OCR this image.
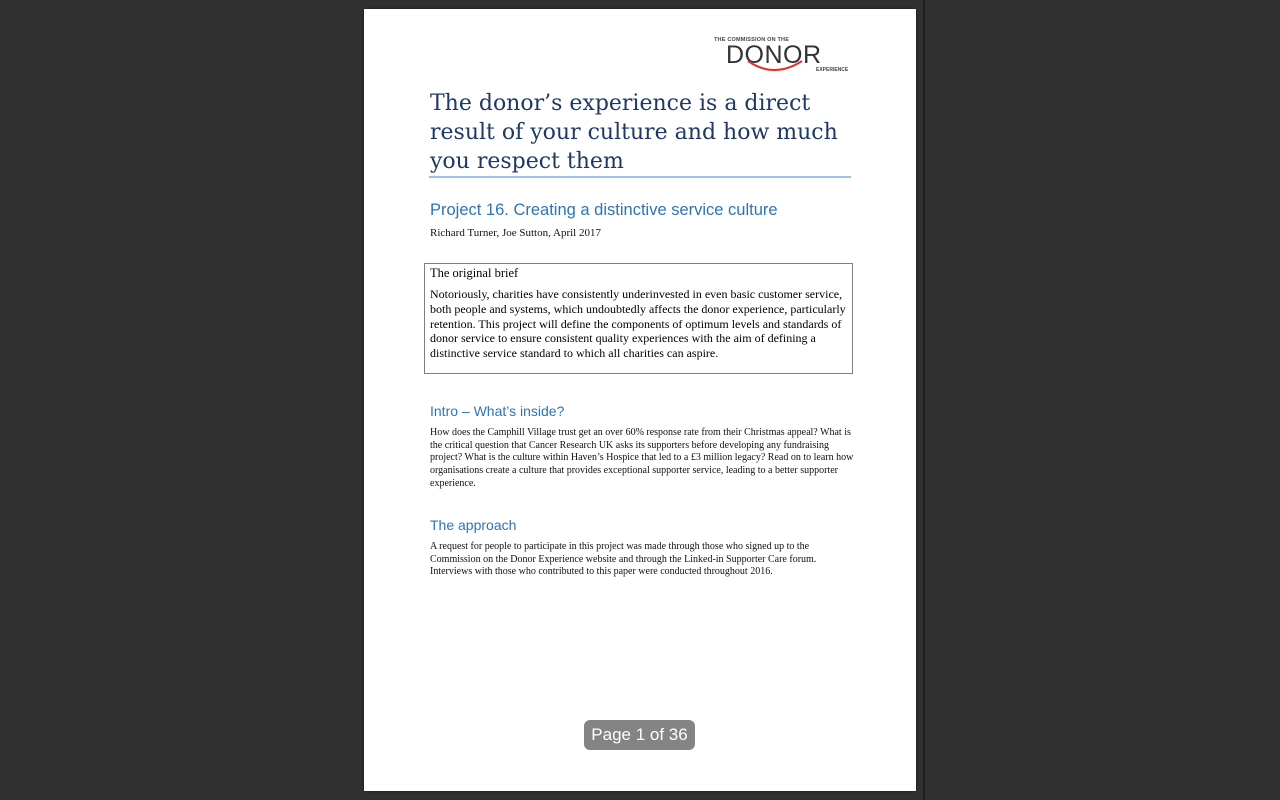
THE COMMISSION ON THE
DONOR
EXPERIENCE
The donor’s experience is a direct result of your culture and how much you respect them
Project 16. Creating a distinctive service culture
Richard Turner, Joe Sutton, April 2017

The original brief

Notoriously, charities have consistently underinvested in even basic customer service, both people and systems, which undoubtedly affects the donor experience, particularly retention. This project will define the components of optimum levels and standards of donor service to ensure consistent quality experiences with the aim of defining a distinctive service standard to which all charities can aspire.

Intro – What’s inside?

How does the Camphill Village trust get an over 60% response rate from their Christmas appeal? What is the critical question that Cancer Research UK asks its supporters before developing any fundraising project? What is the culture within Haven’s Hospice that led to a £3 million legacy? Read on to learn how organisations create a culture that provides exceptional supporter service, leading to a better supporter experience.

The approach

A request for people to participate in this project was made through those who signed up to the Commission on the Donor Experience website and through the Linked-in Supporter Care forum. Interviews with those who contributed to this paper were conducted throughout 2016.

Page 1 of 36
